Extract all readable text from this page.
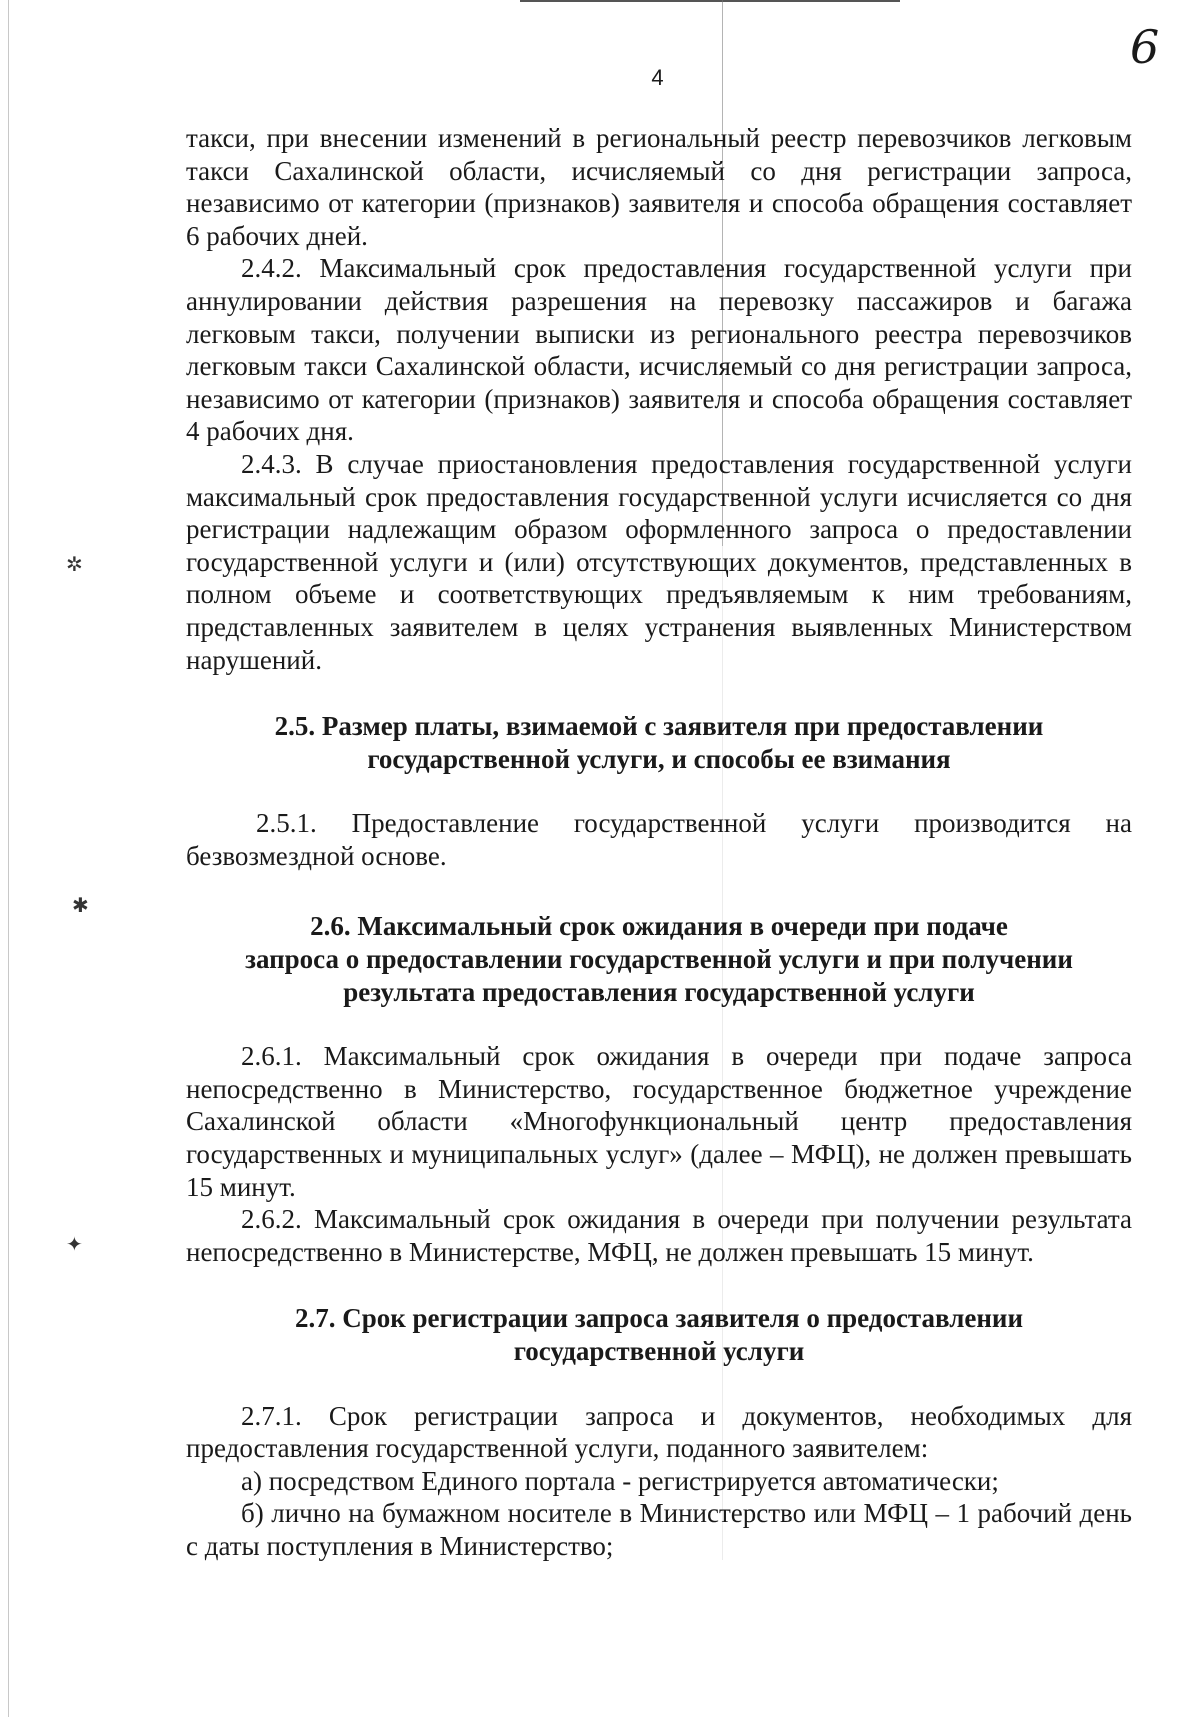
4
6
✲
✱
✦

такси, при внесении изменений в региональный реестр перевозчиков легковым такси Сахалинской области, исчисляемый со дня регистрации запроса, независимо от категории (признаков) заявителя и способа обращения составляет 6 рабочих дней.

2.4.2. Максимальный срок предоставления государственной услуги при аннулировании действия разрешения на перевозку пассажиров и багажа легковым такси, получении выписки из регионального реестра перевозчиков легковым такси Сахалинской области, исчисляемый со дня регистрации запроса, независимо от категории (признаков) заявителя и способа обращения составляет 4 рабочих дня.

2.4.3. В случае приостановления предоставления государственной услуги максимальный срок предоставления государственной услуги исчисляется со дня регистрации надлежащим образом оформленного запроса о предоставлении государственной услуги и (или) отсутствующих документов, представленных в полном объеме и соответствующих предъявляемым к ним требованиям, представленных заявителем в целях устранения выявленных Министерством нарушений.

2.5. Размер платы, взимаемой с заявителя при предоставлении
государственной услуги, и способы ее взимания

2.5.1. Предоставление государственной услуги производится на безвозмездной основе.

2.6. Максимальный срок ожидания в очереди при подаче
запроса о предоставлении государственной услуги и при получении
результата предоставления государственной услуги

2.6.1. Максимальный срок ожидания в очереди при подаче запроса непосредственно в Министерство, государственное бюджетное учреждение Сахалинской области «Многофункциональный центр предоставления государственных и муниципальных услуг» (далее – МФЦ), не должен превышать 15 минут.

2.6.2. Максимальный срок ожидания в очереди при получении результата непосредственно в Министерстве, МФЦ, не должен превышать 15 минут.

2.7. Срок регистрации запроса заявителя о предоставлении
государственной услуги

2.7.1. Срок регистрации запроса и документов, необходимых для предоставления государственной услуги, поданного заявителем:

а) посредством Единого портала - регистрируется автоматически;

б) лично на бумажном носителе в Министерство или МФЦ – 1 рабочий день с даты поступления в Министерство;
